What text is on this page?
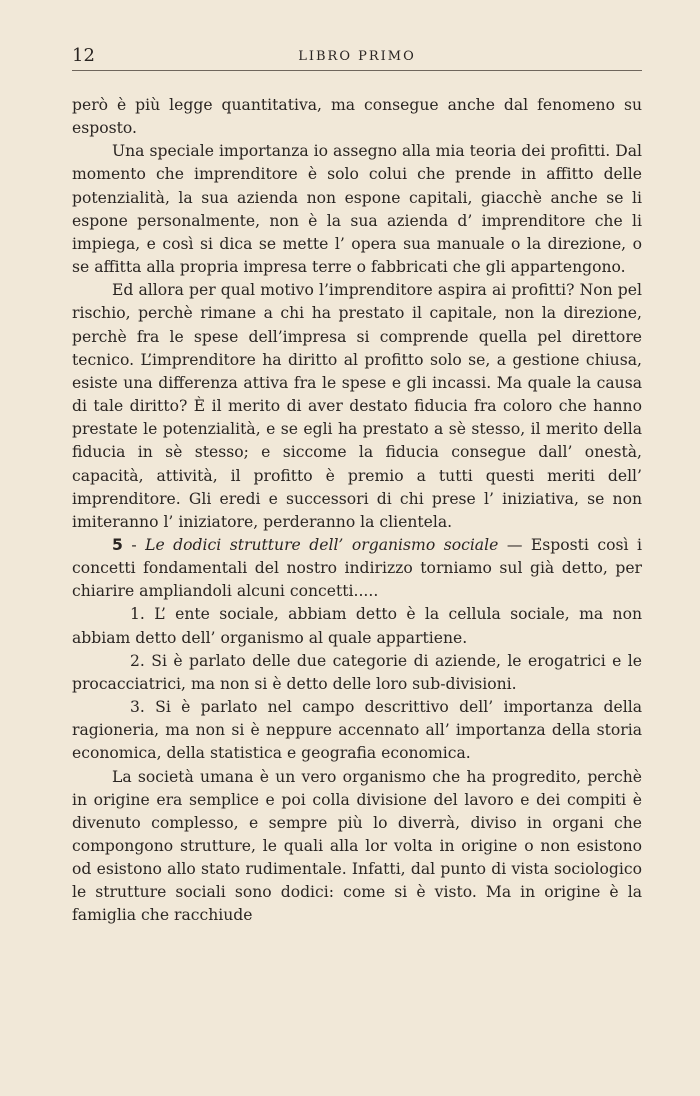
12	LIBRO PRIMO

però è più legge quantitativa, ma consegue anche dal fenomeno su esposto.

Una speciale importanza io assegno alla mia teoria dei profitti. Dal momento che imprenditore è solo colui che prende in affitto delle potenzialità, la sua azienda non espone capitali, giacchè anche se li espone personalmente, non è la sua azienda d’ imprenditore che li impiega, e così si dica se mette l’ opera sua manuale o la direzione, o se affitta alla propria impresa terre o fabbricati che gli appartengono.

Ed allora per qual motivo l’imprenditore aspira ai profitti? Non pel rischio, perchè rimane a chi ha prestato il capitale, non la direzione, perchè fra le spese dell’impresa si comprende quella pel direttore tecnico. L’imprenditore ha diritto al profitto solo se, a gestione chiusa, esiste una differenza attiva fra le spese e gli incassi. Ma quale la causa di tale diritto? È il merito di aver destato fiducia fra coloro che hanno prestate le potenzialità, e se egli ha prestato a sè stesso, il merito della fiducia in sè stesso; e siccome la fiducia consegue dall’ onestà, capacità, attività, il profitto è premio a tutti questi meriti dell’ imprenditore. Gli eredi e successori di chi prese l’ iniziativa, se non imiteranno l’ iniziatore, perderanno la clientela.

5 - Le dodici strutture dell’ organismo sociale — Esposti così i concetti fondamentali del nostro indirizzo torniamo sul già detto, per chiarire ampliandoli alcuni concetti.....

1. L’ ente sociale, abbiam detto è la cellula sociale, ma non abbiam detto dell’ organismo al quale appartiene.

2. Si è parlato delle due categorie di aziende, le erogatrici e le procacciatrici, ma non si è detto delle loro sub-divisioni.

3. Si è parlato nel campo descrittivo dell’ importanza della ragioneria, ma non si è neppure accennato all’ importanza della storia economica, della statistica e geografia economica.

La società umana è un vero organismo che ha progredito, perchè in origine era semplice e poi colla divisione del lavoro e dei compiti è divenuto complesso, e sempre più lo diverrà, diviso in organi che compongono strutture, le quali alla lor volta in origine o non esistono od esistono allo stato rudimentale. Infatti, dal punto di vista sociologico le strutture sociali sono dodici: come si è visto. Ma in origine è la famiglia che racchiude
